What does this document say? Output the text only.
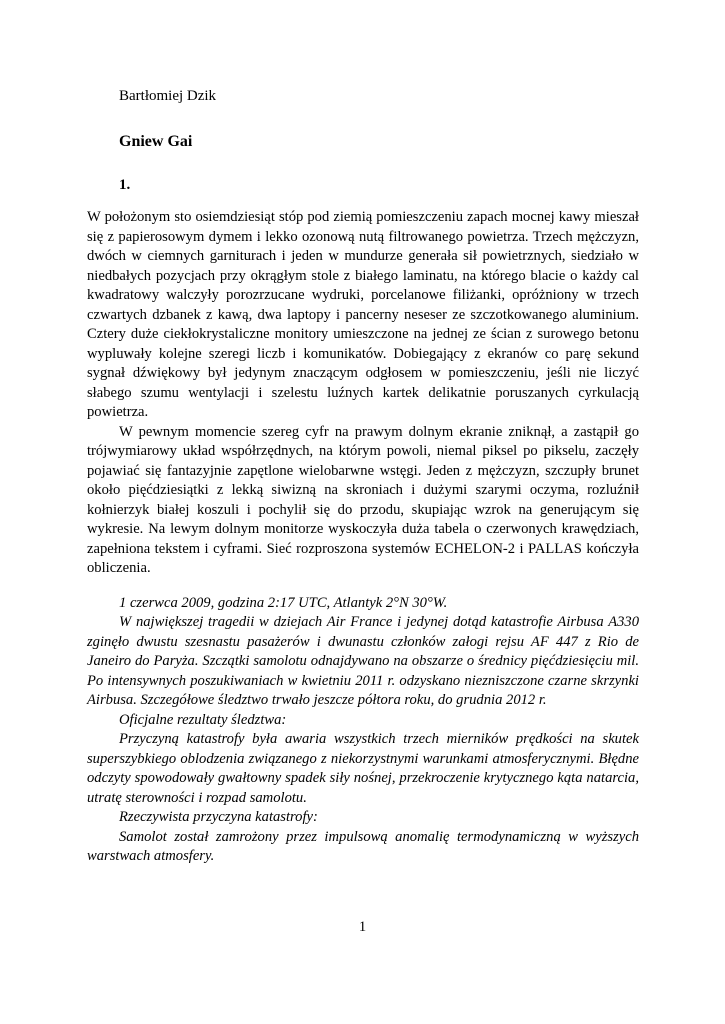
Bartłomiej Dzik

Gniew Gai

1.

W położonym sto osiemdziesiąt stóp pod ziemią pomieszczeniu zapach mocnej kawy mieszał się z papierosowym dymem i lekko ozonową nutą filtrowanego powietrza. Trzech mężczyzn, dwóch w ciemnych garniturach i jeden w mundurze generała sił powietrznych, siedziało w niedbałych pozycjach przy okrągłym stole z białego laminatu, na którego blacie o każdy cal kwadratowy walczyły porozrzucane wydruki, porcelanowe filiżanki, opróżniony w trzech czwartych dzbanek z kawą, dwa laptopy i pancerny neseser ze szczotkowanego aluminium. Cztery duże ciekłokrystaliczne monitory umieszczone na jednej ze ścian z surowego betonu wypluwały kolejne szeregi liczb i komunikatów. Dobiegający z ekranów co parę sekund sygnał dźwiękowy był jedynym znaczącym odgłosem w pomieszczeniu, jeśli nie liczyć słabego szumu wentylacji i szelestu luźnych kartek delikatnie poruszanych cyrkulacją powietrza.

W pewnym momencie szereg cyfr na prawym dolnym ekranie zniknął, a zastąpił go trójwymiarowy układ współrzędnych, na którym powoli, niemal piksel po pikselu, zaczęły pojawiać się fantazyjnie zapętlone wielobarwne wstęgi. Jeden z mężczyzn, szczupły brunet około pięćdziesiątki z lekką siwizną na skroniach i dużymi szarymi oczyma, rozluźnił kołnierzyk białej koszuli i pochylił się do przodu, skupiając wzrok na generującym się wykresie. Na lewym dolnym monitorze wyskoczyła duża tabela o czerwonych krawędziach, zapełniona tekstem i cyframi. Sieć rozproszona systemów ECHELON-2 i PALLAS kończyła obliczenia.

1 czerwca 2009, godzina 2:17 UTC, Atlantyk 2°N 30°W.

W największej tragedii w dziejach Air France i jedynej dotąd katastrofie Airbusa A330 zginęło dwustu szesnastu pasażerów i dwunastu członków załogi rejsu AF 447 z Rio de Janeiro do Paryża. Szczątki samolotu odnajdywano na obszarze o średnicy pięćdziesięciu mil. Po intensywnych poszukiwaniach w kwietniu 2011 r. odzyskano niezniszczone czarne skrzynki Airbusa. Szczegółowe śledztwo trwało jeszcze półtora roku, do grudnia 2012 r.

Oficjalne rezultaty śledztwa:

Przyczyną katastrofy była awaria wszystkich trzech mierników prędkości na skutek superszybkiego oblodzenia związanego z niekorzystnymi warunkami atmosferycznymi. Błędne odczyty spowodowały gwałtowny spadek siły nośnej, przekroczenie krytycznego kąta natarcia, utratę sterowności i rozpad samolotu.

Rzeczywista przyczyna katastrofy:

Samolot został zamrożony przez impulsową anomalię termodynamiczną w wyższych warstwach atmosfery.

1
